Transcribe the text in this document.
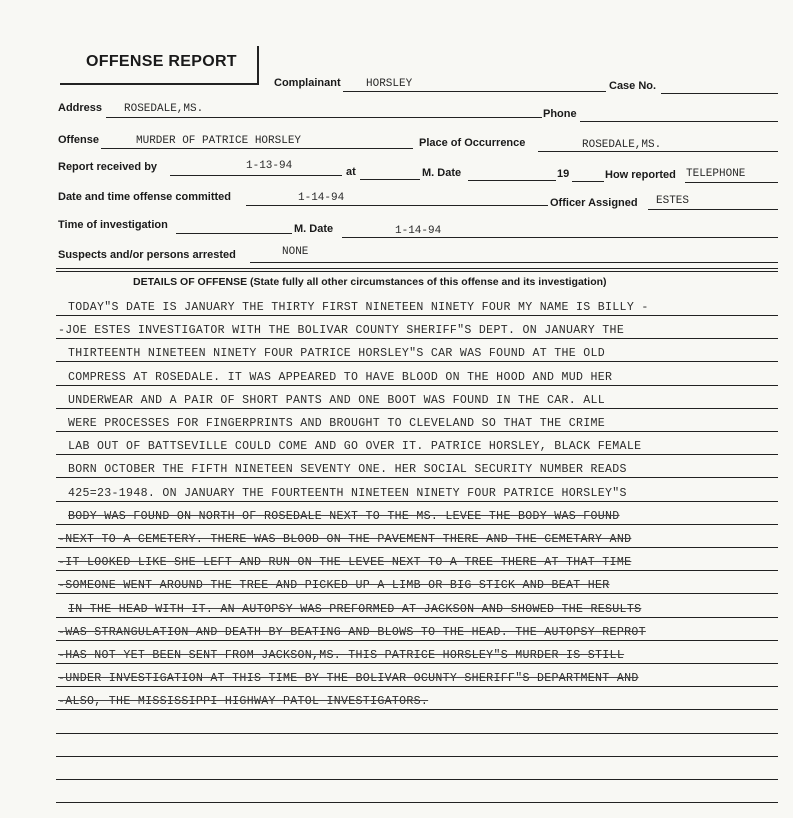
OFFENSE REPORT
Complainant HORSLEY	Case No.
Address ROSEDALE,MS.	Phone
Offense	MURDER OF PATRICE HORSLEY	Place of Occurrence	ROSEDALE,MS.
Report received by	1-13-94	at	M. Date	19	How reported TELEPHONE
Date and time offense committed	1-14-94	Officer Assigned ESTES
Time of investigation	M. Date	1-14-94
Suspects and/or persons arrested	NONE
DETAILS OF OFFENSE (State fully all other circumstances of this offense and its investigation)
TODAY"S DATE IS JANUARY THE THIRTY FIRST NINETEEN NINETY FOUR MY NAME IS BILLY -
-JOE ESTES INVESTIGATOR WITH THE BOLIVAR COUNTY SHERIFF"S DEPT. ON JANUARY THE
THIRTEENTH NINETEEN NINETY FOUR PATRICE HORSLEY"S CAR WAS FOUND AT THE OLD
COMPRESS AT ROSEDALE. IT WAS APPEARED TO HAVE BLOOD ON THE HOOD AND MUD HER
UNDERWEAR AND A PAIR OF SHORT PANTS AND ONE BOOT WAS FOUND IN THE CAR. ALL
WERE PROCESSES FOR FINGERPRINTS AND BROUGHT TO CLEVELAND SO THAT THE CRIME
LAB OUT OF BATTSEVILLE COULD COME AND GO OVER IT. PATRICE HORSLEY, BLACK FEMALE
BORN OCTOBER THE FIFTH NINETEEN SEVENTY ONE. HER SOCIAL SECURITY NUMBER READS
425=23-1948. ON JANUARY THE FOURTEENTH NINETEEN NINETY FOUR PATRICE HORSLEY"S
BODY WAS FOUND ON NORTH OF ROSEDALE NEXT TO THE MS. LEVEE THE BODY WAS FOUND
-NEXT TO A CEMETERY. THERE WAS BLOOD ON THE PAVEMENT THERE AND THE CEMETARY AND
-IT LOOKED LIKE SHE LEFT AND RUN ON THE LEVEE NEXT TO A TREE THERE AT THAT TIME
-SOMEONE WENT AROUND THE TREE AND PICKED UP A LIMB OR BIG STICK AND BEAT HER
IN THE HEAD WITH IT. AN AUTOPSY WAS PREFORMED AT JACKSON AND SHOWED THE RESULTS
-WAS STRANGULATION AND DEATH BY BEATING AND BLOWS TO THE HEAD. THE AUTOPSY REPROT
-HAS NOT YET BEEN SENT FROM JACKSON,MS. THIS PATRICE HORSLEY"S MURDER IS STILL
-UNDER INVESTIGATION AT THIS TIME BY THE BOLIVAR OCUNTY SHERIFF"S DEPARTMENT AND
-ALSO, THE MISSISSIPPI HIGHWAY PATOL INVESTIGATORS.
